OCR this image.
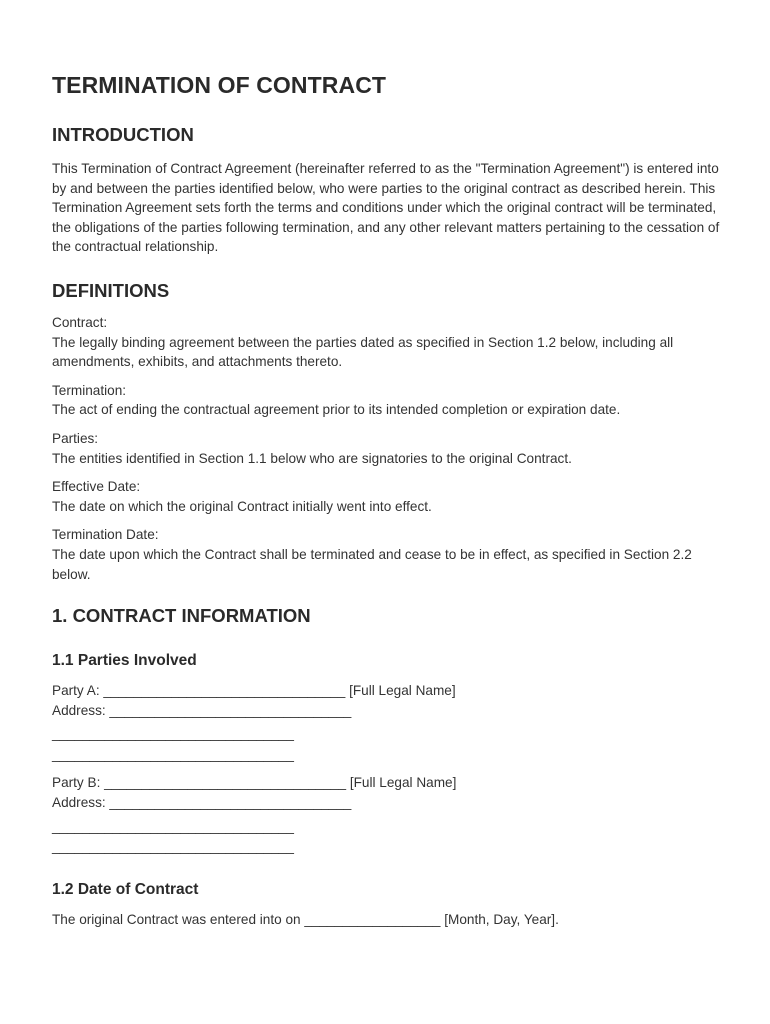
TERMINATION OF CONTRACT
INTRODUCTION

This Termination of Contract Agreement (hereinafter referred to as the "Termination Agreement") is entered into by and between the parties identified below, who were parties to the original contract as described herein. This Termination Agreement sets forth the terms and conditions under which the original contract will be terminated, the obligations of the parties following termination, and any other relevant matters pertaining to the cessation of the contractual relationship.

DEFINITIONS

Contract:

The legally binding agreement between the parties dated as specified in Section 1.2 below, including all amendments, exhibits, and attachments thereto.

Termination:

The act of ending the contractual agreement prior to its intended completion or expiration date.

Parties:

The entities identified in Section 1.1 below who are signatories to the original Contract.

Effective Date:

The date on which the original Contract initially went into effect.

Termination Date:

The date upon which the Contract shall be terminated and cease to be in effect, as specified in Section 2.2 below.

1. CONTRACT INFORMATION
1.1 Parties Involved
Party A: ________________________________ [Full Legal Name]
Address: ________________________________
________________________________
________________________________
Party B: ________________________________ [Full Legal Name]
Address: ________________________________
________________________________
________________________________
1.2 Date of Contract

The original Contract was entered into on __________________ [Month, Day, Year].
